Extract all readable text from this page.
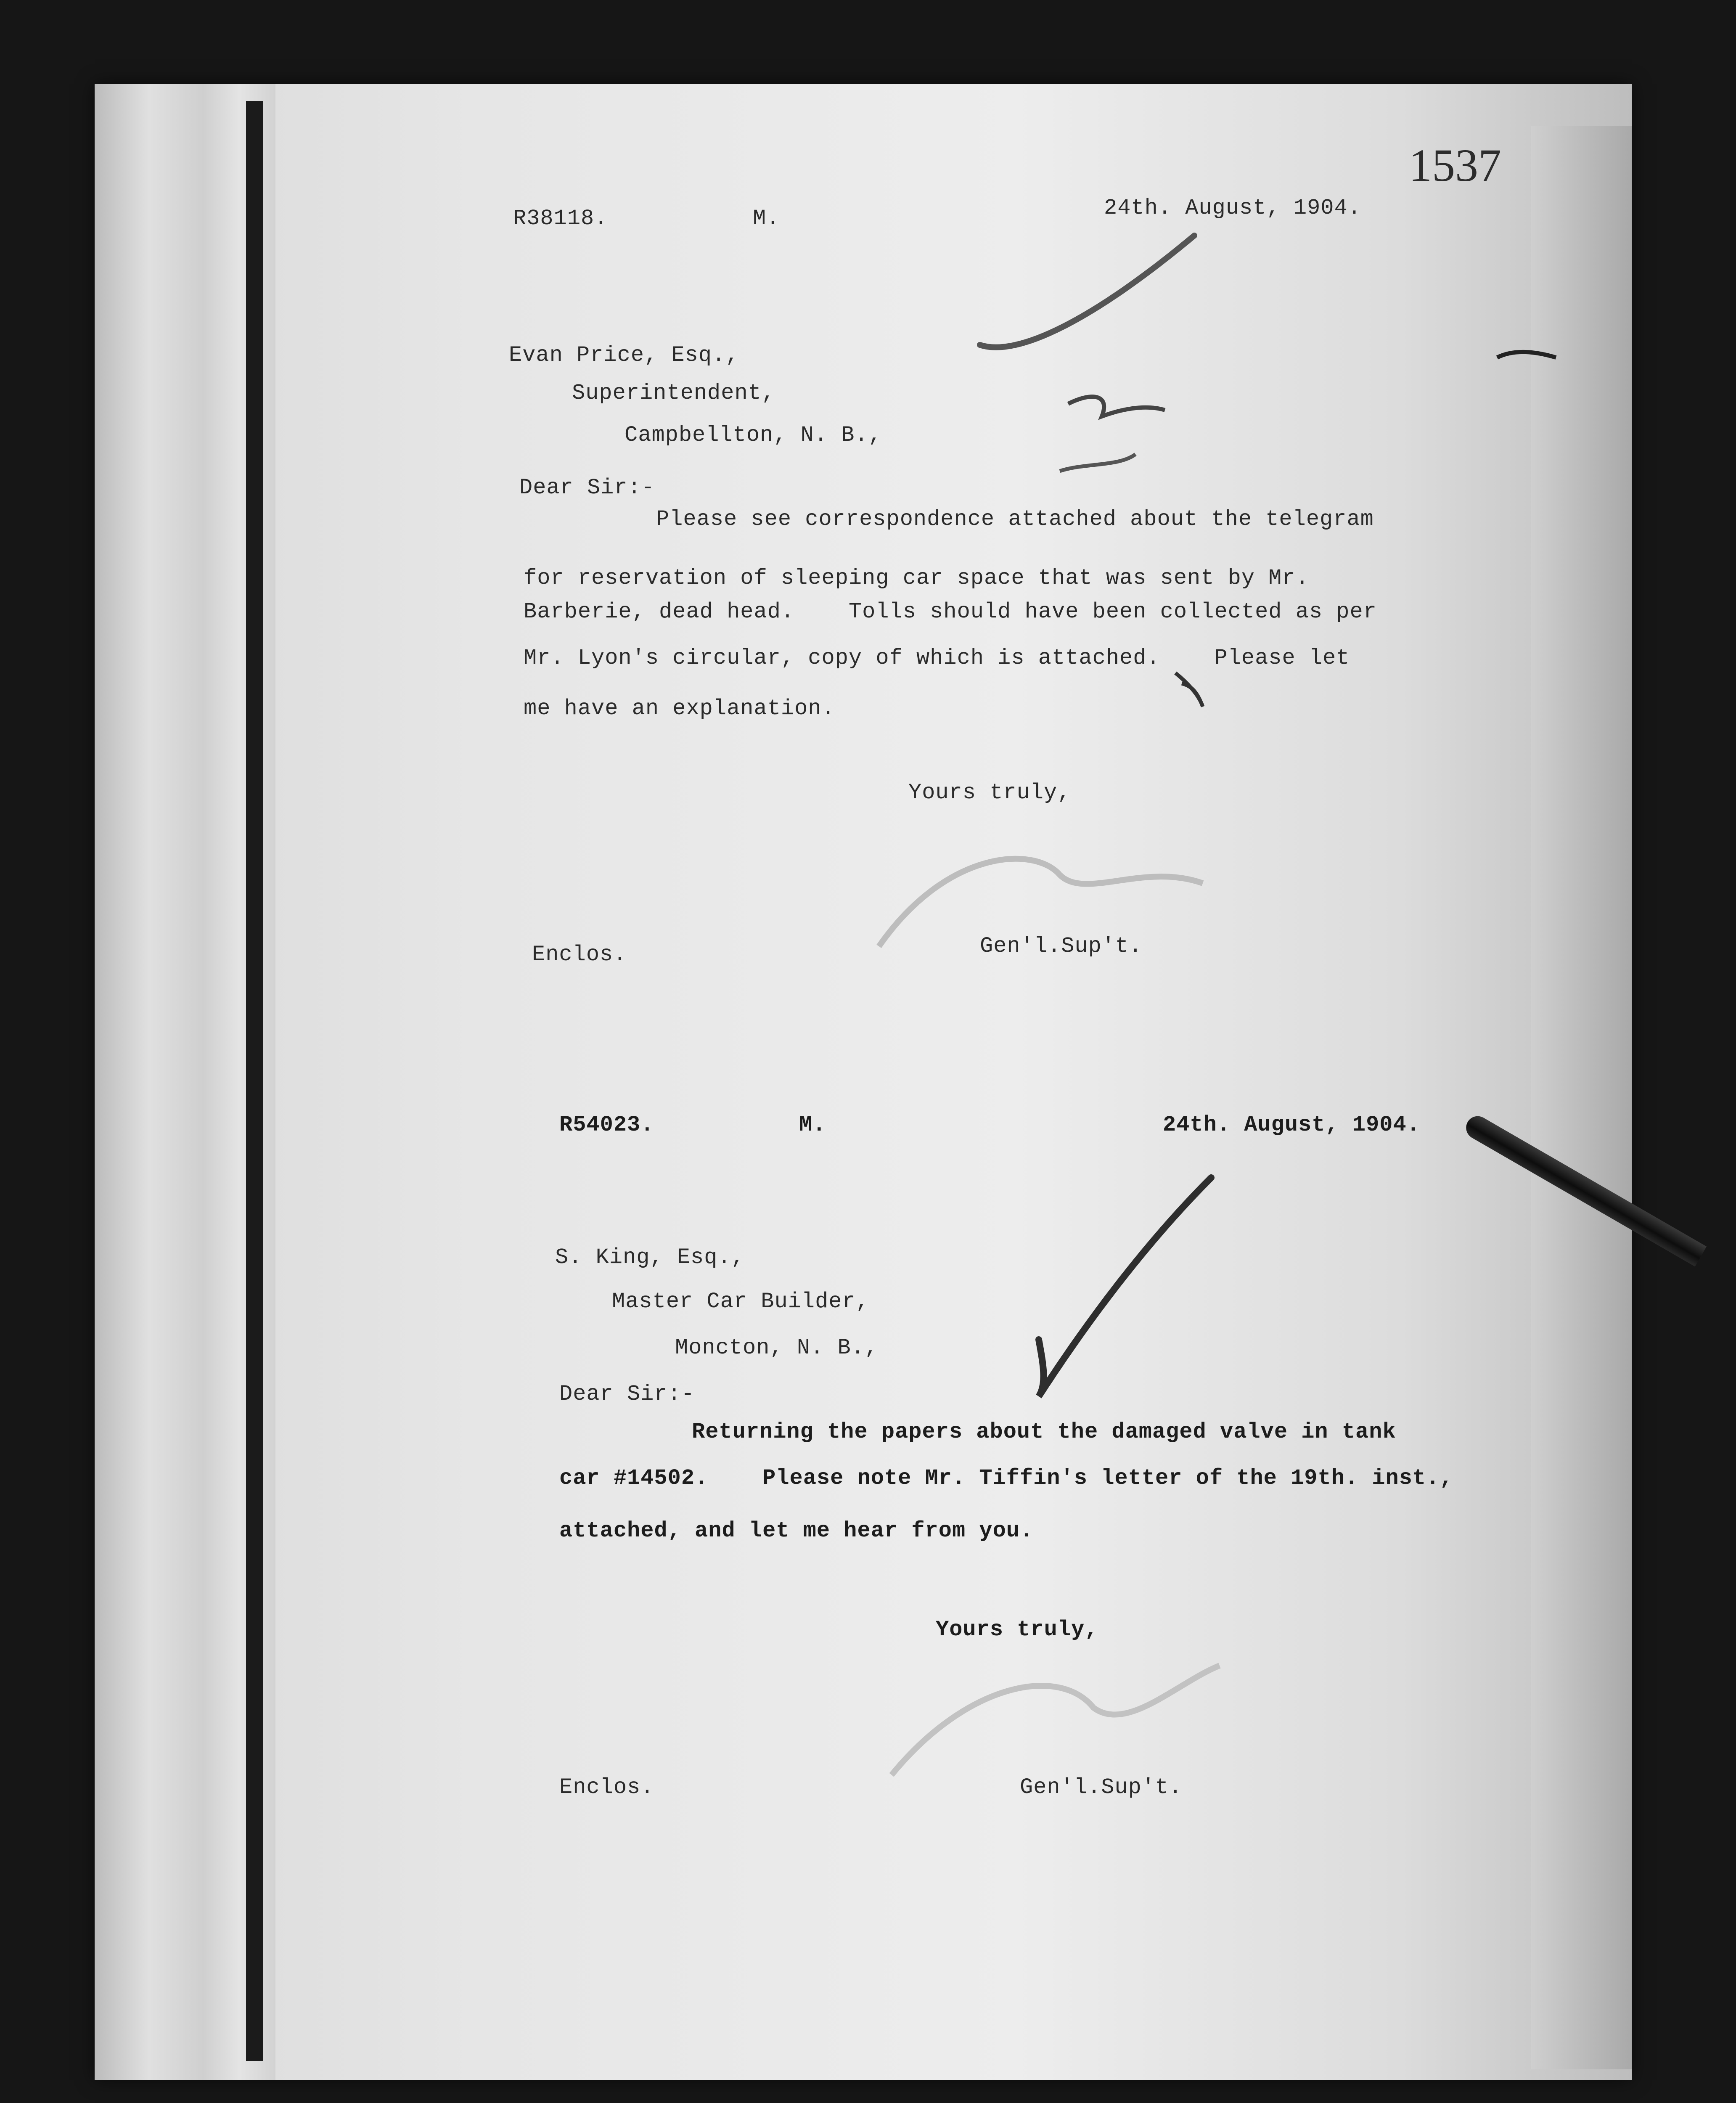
1537
R38118.	M.	24th. August, 1904.
Evan Price, Esq.,
Superintendent,
Campbellton, N. B.,
Dear Sir:-
Please see correspondence attached about the telegram
for reservation of sleeping car space that was sent by Mr.
Barberie, dead head.    Tolls should have been collected as per
Mr. Lyon's circular, copy of which is attached.    Please let
me have an explanation.
Yours truly,
Enclos.	Gen'l.Sup't.
R54023.	M.	24th. August, 1904.
S. King, Esq.,
Master Car Builder,
Moncton, N. B.,
Dear Sir:-
Returning the papers about the damaged valve in tank
car #14502.    Please note Mr. Tiffin's letter of the 19th. inst.,
attached, and let me hear from you.
Yours truly,
Enclos.	Gen'l.Sup't.
